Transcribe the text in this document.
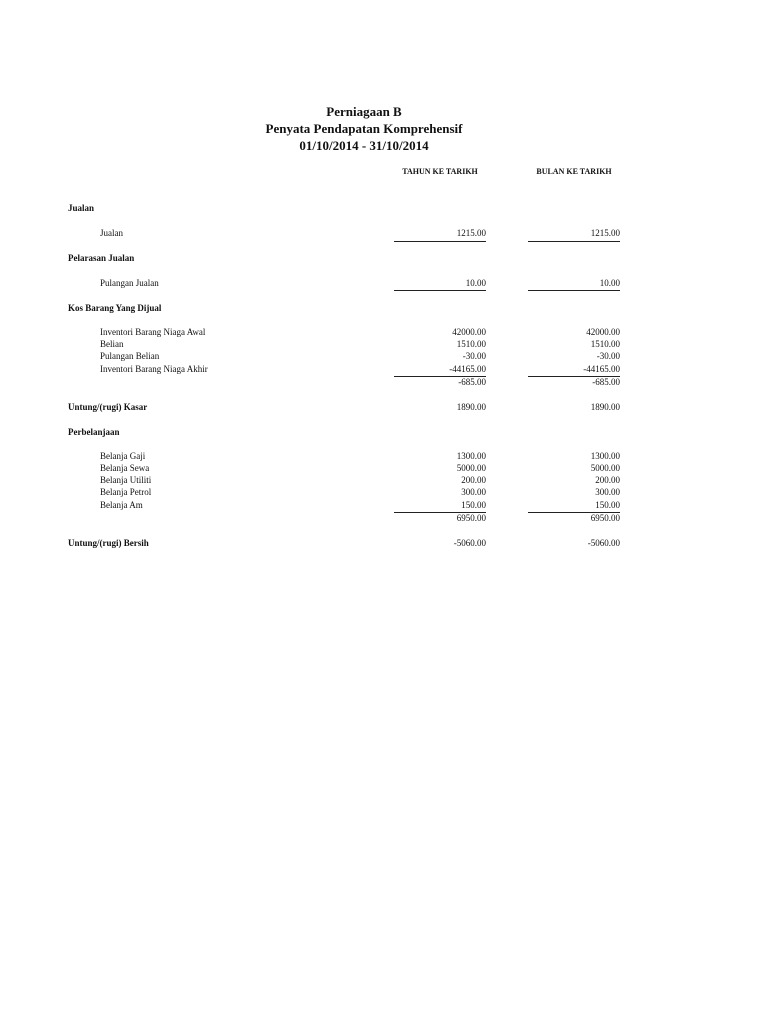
Perniagaan B
Penyata Pendapatan Komprehensif
01/10/2014 - 31/10/2014
TAHUN KE TARIKH	BULAN KE TARIKH
Jualan
Jualan	1215.00	1215.00
Pelarasan Jualan
Pulangan Jualan	10.00	10.00
Kos Barang Yang Dijual
Inventori Barang Niaga Awal	42000.00	42000.00
Belian	1510.00	1510.00
Pulangan Belian	-30.00	-30.00
Inventori Barang Niaga Akhir	-44165.00	-44165.00
-685.00	-685.00
Untung/(rugi) Kasar	1890.00	1890.00
Perbelanjaan
Belanja Gaji	1300.00	1300.00
Belanja Sewa	5000.00	5000.00
Belanja Utiliti	200.00	200.00
Belanja Petrol	300.00	300.00
Belanja Am	150.00	150.00
6950.00	6950.00
Untung/(rugi) Bersih	-5060.00	-5060.00
